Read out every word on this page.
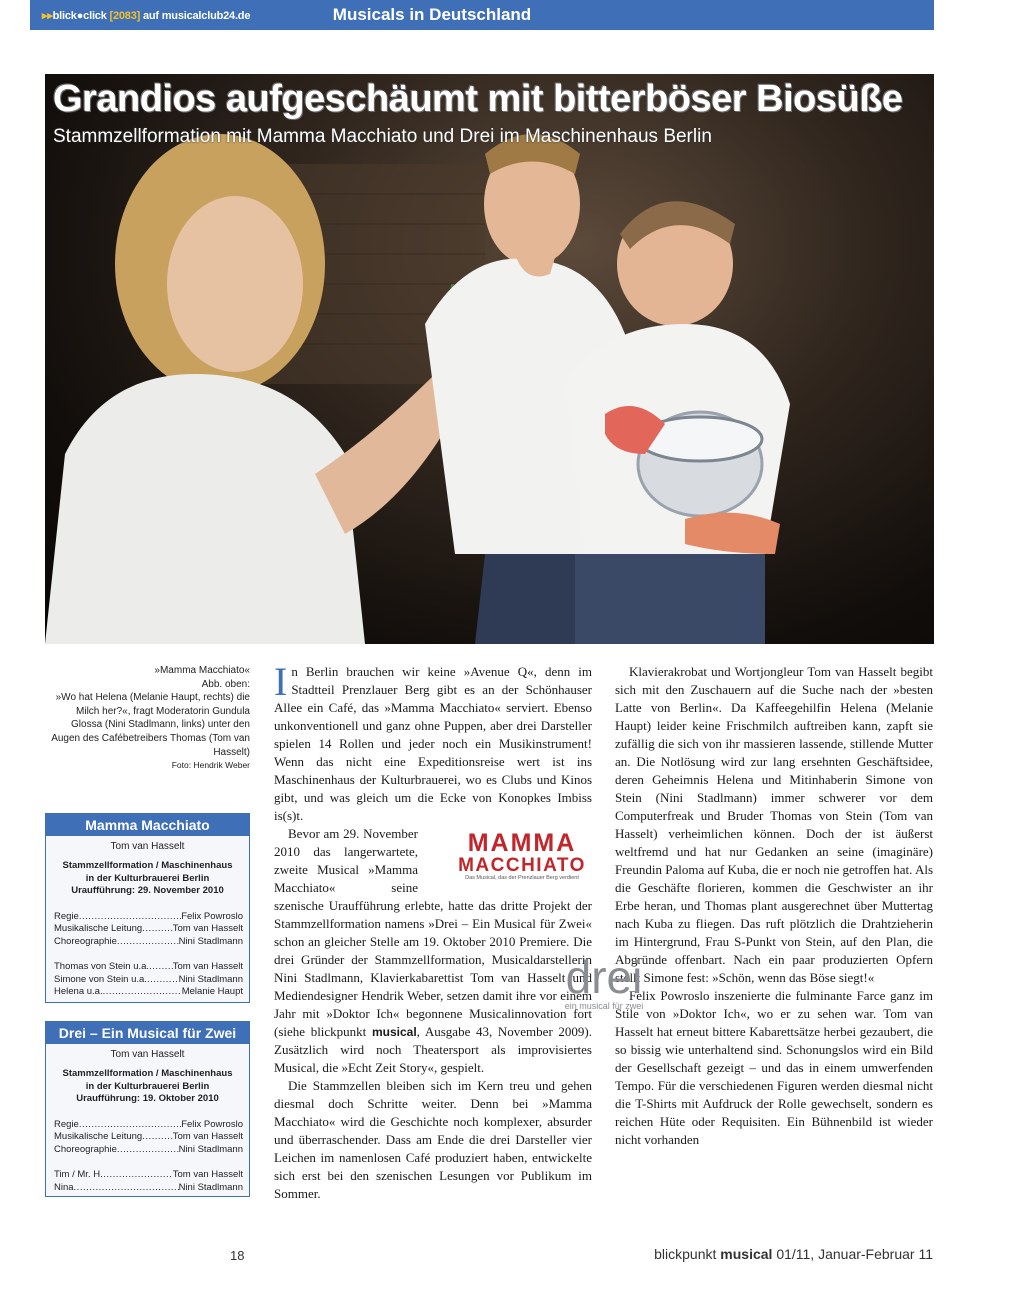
▸▸blick●click [2083] auf musicalclub24.de	Musicals in Deutschland
Grandios aufgeschäumt mit bitterböser Biosüße
Stammzellformation mit Mamma Macchiato und Drei im Maschinenhaus Berlin
»Mamma Macchiato«
Abb. oben:
»Wo hat Helena (Melanie Haupt, rechts) die Milch her?«, fragt Moderatorin Gundula Glossa (Nini Stadlmann, links) unter den Augen des Cafébetreibers Thomas (Tom van Hasselt)
Foto: Hendrik Weber
Mamma Macchiato
Tom van Hasselt
Stammzellformation / Maschinenhaus
in der Kulturbrauerei Berlin
Uraufführung: 29. November 2010
Regie .....	Felix Powroslo
Musikalische Leitung .....	Tom van Hasselt
Choreographie .....	Nini Stadlmann
Thomas von Stein u.a. ..... Tom van Hasselt
Simone von Stein u.a. .....	Nini Stadlmann
Helena u.a. .....	Melanie Haupt
Drei – Ein Musical für Zwei
Tom van Hasselt
Stammzellformation / Maschinenhaus
in der Kulturbrauerei Berlin
Uraufführung: 19. Oktober 2010
Regie .....	Felix Powroslo
Musikalische Leitung .....	Tom van Hasselt
Choreographie .....	Nini Stadlmann
Tim / Mr. H .....	Tom van Hasselt
Nina .....	Nini Stadlmann

In Berlin brauchen wir keine »Avenue Q«, denn im Stadtteil Prenzlauer Berg gibt es an der Schönhauser Allee ein Café, das »Mamma Macchiato« serviert. Ebenso unkonventionell und ganz ohne Puppen, aber drei Darsteller spielen 14 Rollen und jeder noch ein Musikinstrument! Wenn das nicht eine Expeditionsreise wert ist ins Maschinenhaus der Kulturbrauerei, wo es Clubs und Kinos gibt, und was gleich um die Ecke von Konopkes Imbiss is(s)t.

MAMMA
MACCHIATO
Das Musical, das der Prenzlauer Berg verdient
Bevor am 29. November 2010 das langerwartete, zweite Musical »Mamma Macchiato« seine szenische Uraufführung erlebte, hatte das dritte Projekt der Stammzellformation namens »Drei – Ein Musical für Zwei« schon an gleicher Stelle am 19. Oktober 2010 Premiere. Die drei Gründer der Stammzellformation, Musicaldarstellerin Nini Stadlmann, Klavierkabarettist Tom van Hasselt und Mediendesigner Hendrik Weber, setzen damit ihre vor einem Jahr mit »Doktor Ich« begonnene Musicalinnovation fort (siehe blickpunkt musical, Ausgabe 43, November 2009). Zusätzlich wird noch Theatersport als improvisiertes Musical, die »Echt Zeit Story«, gespielt.

Die Stammzellen bleiben sich im Kern treu und gehen diesmal doch Schritte weiter. Denn bei »Mamma Macchiato« wird die Geschichte noch komplexer, absurder und überraschender. Dass am Ende die drei Darsteller vier Leichen im namenlosen Café produziert haben, entwickelte sich erst bei den szenischen Lesungen vor Publikum im Sommer.

Klavierakrobat und Wortjongleur Tom van Hasselt begibt sich mit den Zuschauern auf die Suche nach der »besten Latte von Berlin«. Da Kaffeegehilfin Helena (Melanie Haupt) leider keine Frischmilch auftreiben kann, zapft sie zufällig die sich von ihr massieren lassende, stillende Mutter an. Die Notlösung wird zur lang ersehnten Geschäftsidee, deren Geheimnis Helena und Mitinhaberin Simone von Stein (Nini Stadlmann) immer schwerer vor dem Computerfreak und Bruder Thomas von Stein (Tom van Hasselt) verheimlichen können. Doch der ist äußerst weltfremd und hat nur Gedanken an seine (imaginäre) Freundin Paloma auf Kuba, die er noch nie getroffen hat. Als die Geschäfte florieren, kommen die Geschwister an ihr Erbe heran, und Thomas plant ausgerechnet über Muttertag nach Kuba zu fliegen. Das ruft plötzlich die Drahtzieherin im Hintergrund, Frau S-Punkt von Stein, auf den Plan, die Abgründe offenbart. Nach ein paar produzierten Opfern stellt Simone fest: »Schön, wenn das Böse siegt!«

Felix Powroslo inszenierte die fulminante Farce ganz im Stile von »Doktor Ich«, wo er zu sehen war. Tom van Hasselt hat erneut bittere Kabarettsätze herbei gezaubert, die so bissig wie unterhaltend sind. Schonungslos wird ein Bild der Gesellschaft gezeigt – und das in einem umwerfenden Tempo. Für die verschiedenen Figuren werden diesmal nicht die T-Shirts mit Aufdruck der Rolle gewechselt, sondern es reichen Hüte oder Requisiten. Ein Bühnenbild ist wieder nicht vorhanden

drei
ein musical für zwei
18	blickpunkt musical 01/11, Januar-Februar 11
